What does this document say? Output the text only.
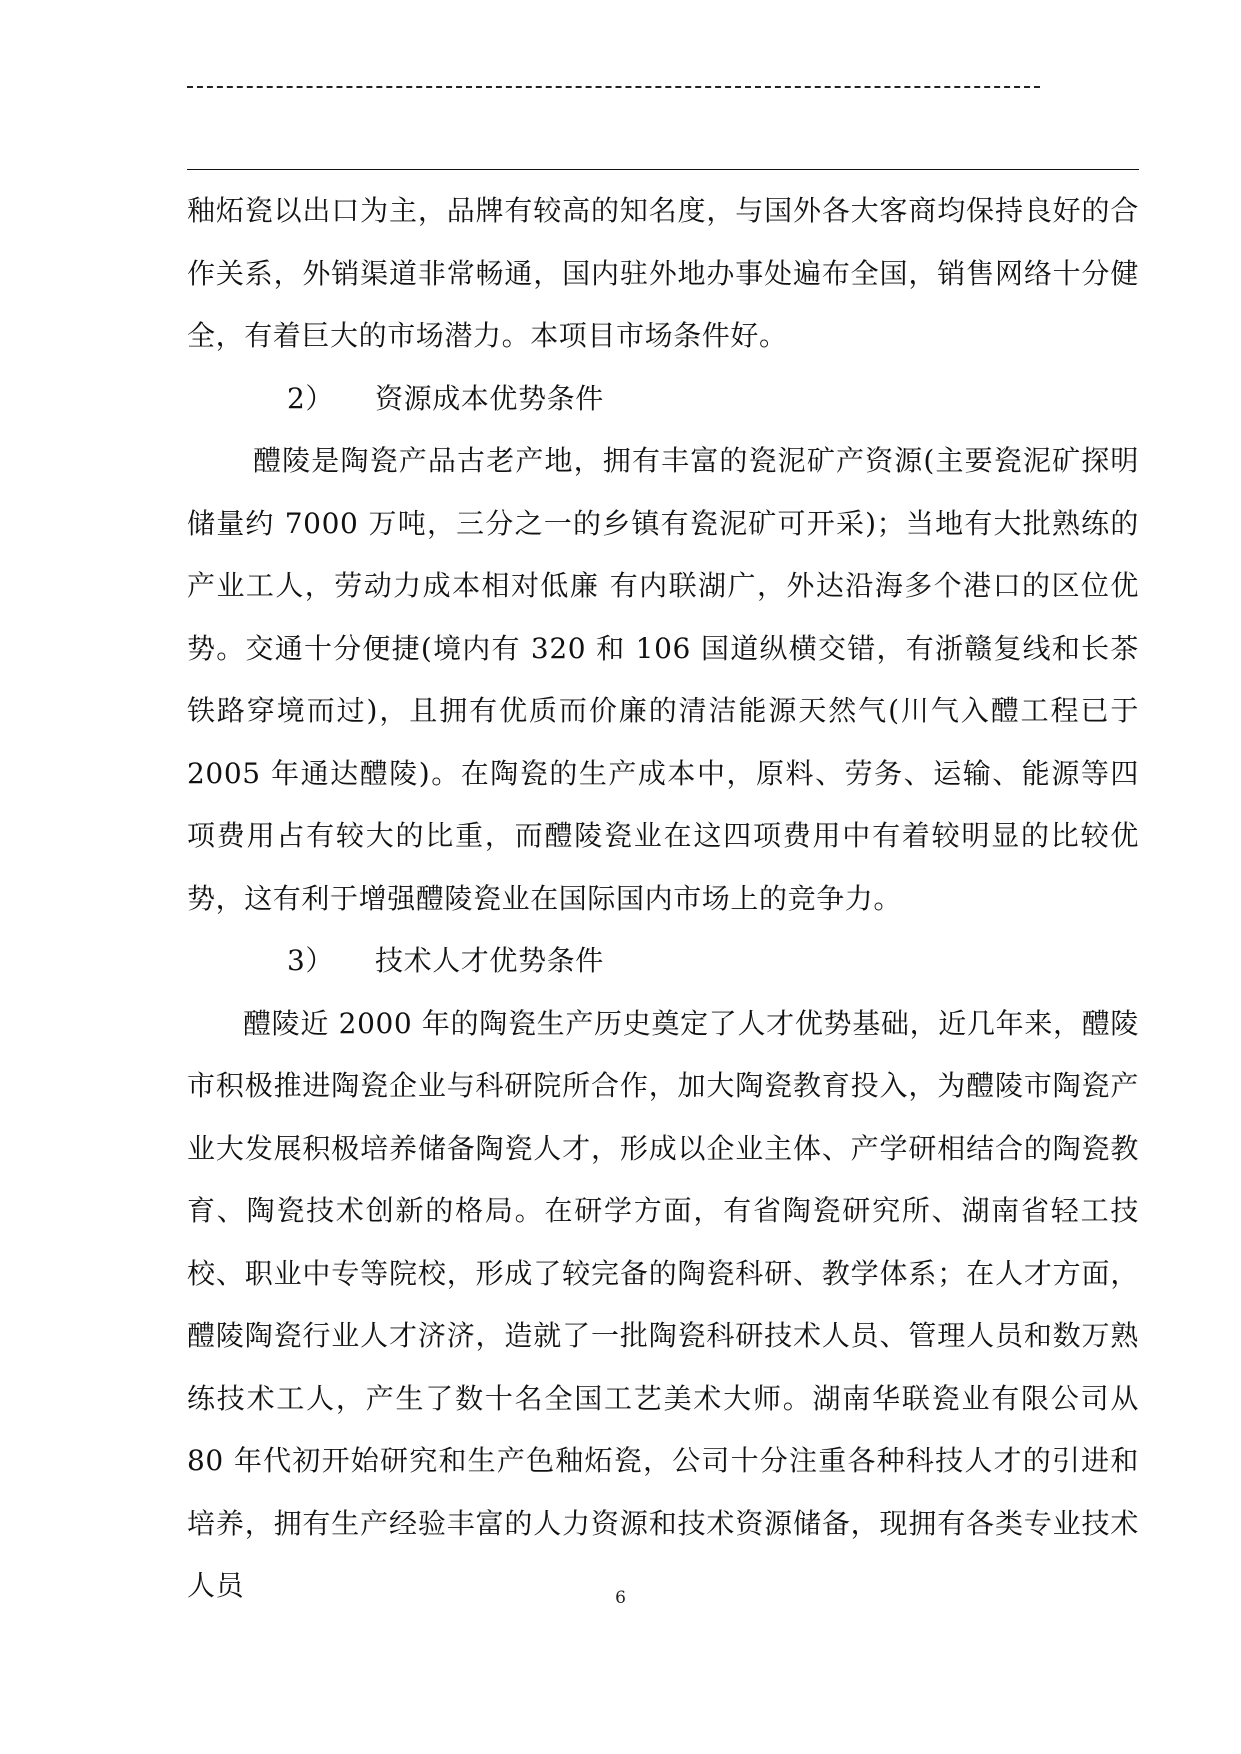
釉炻瓷以出口为主，品牌有较高的知名度，与国外各大客商均保持良好的合作关系，外销渠道非常畅通，国内驻外地办事处遍布全国，销售网络十分健全，有着巨大的市场潜力。本项目市场条件好。

2） 资源成本优势条件

醴陵是陶瓷产品古老产地，拥有丰富的瓷泥矿产资源(主要瓷泥矿探明储量约 7000 万吨，三分之一的乡镇有瓷泥矿可开采)；当地有大批熟练的产业工人，劳动力成本相对低廉 有内联湖广，外达沿海多个港口的区位优势。交通十分便捷(境内有 320 和 106 国道纵横交错，有浙赣复线和长茶铁路穿境而过)，且拥有优质而价廉的清洁能源天然气(川气入醴工程已于 2005 年通达醴陵)。在陶瓷的生产成本中，原料、劳务、运输、能源等四项费用占有较大的比重，而醴陵瓷业在这四项费用中有着较明显的比较优势，这有利于增强醴陵瓷业在国际国内市场上的竞争力。

3） 技术人才优势条件

醴陵近 2000 年的陶瓷生产历史奠定了人才优势基础，近几年来，醴陵市积极推进陶瓷企业与科研院所合作，加大陶瓷教育投入，为醴陵市陶瓷产业大发展积极培养储备陶瓷人才，形成以企业主体、产学研相结合的陶瓷教育、陶瓷技术创新的格局。在研学方面，有省陶瓷研究所、湖南省轻工技校、职业中专等院校，形成了较完备的陶瓷科研、教学体系；在人才方面，醴陵陶瓷行业人才济济，造就了一批陶瓷科研技术人员、管理人员和数万熟练技术工人，产生了数十名全国工艺美术大师。湖南华联瓷业有限公司从 80 年代初开始研究和生产色釉炻瓷，公司十分注重各种科技人才的引进和培养，拥有生产经验丰富的人力资源和技术资源储备，现拥有各类专业技术人员	6
